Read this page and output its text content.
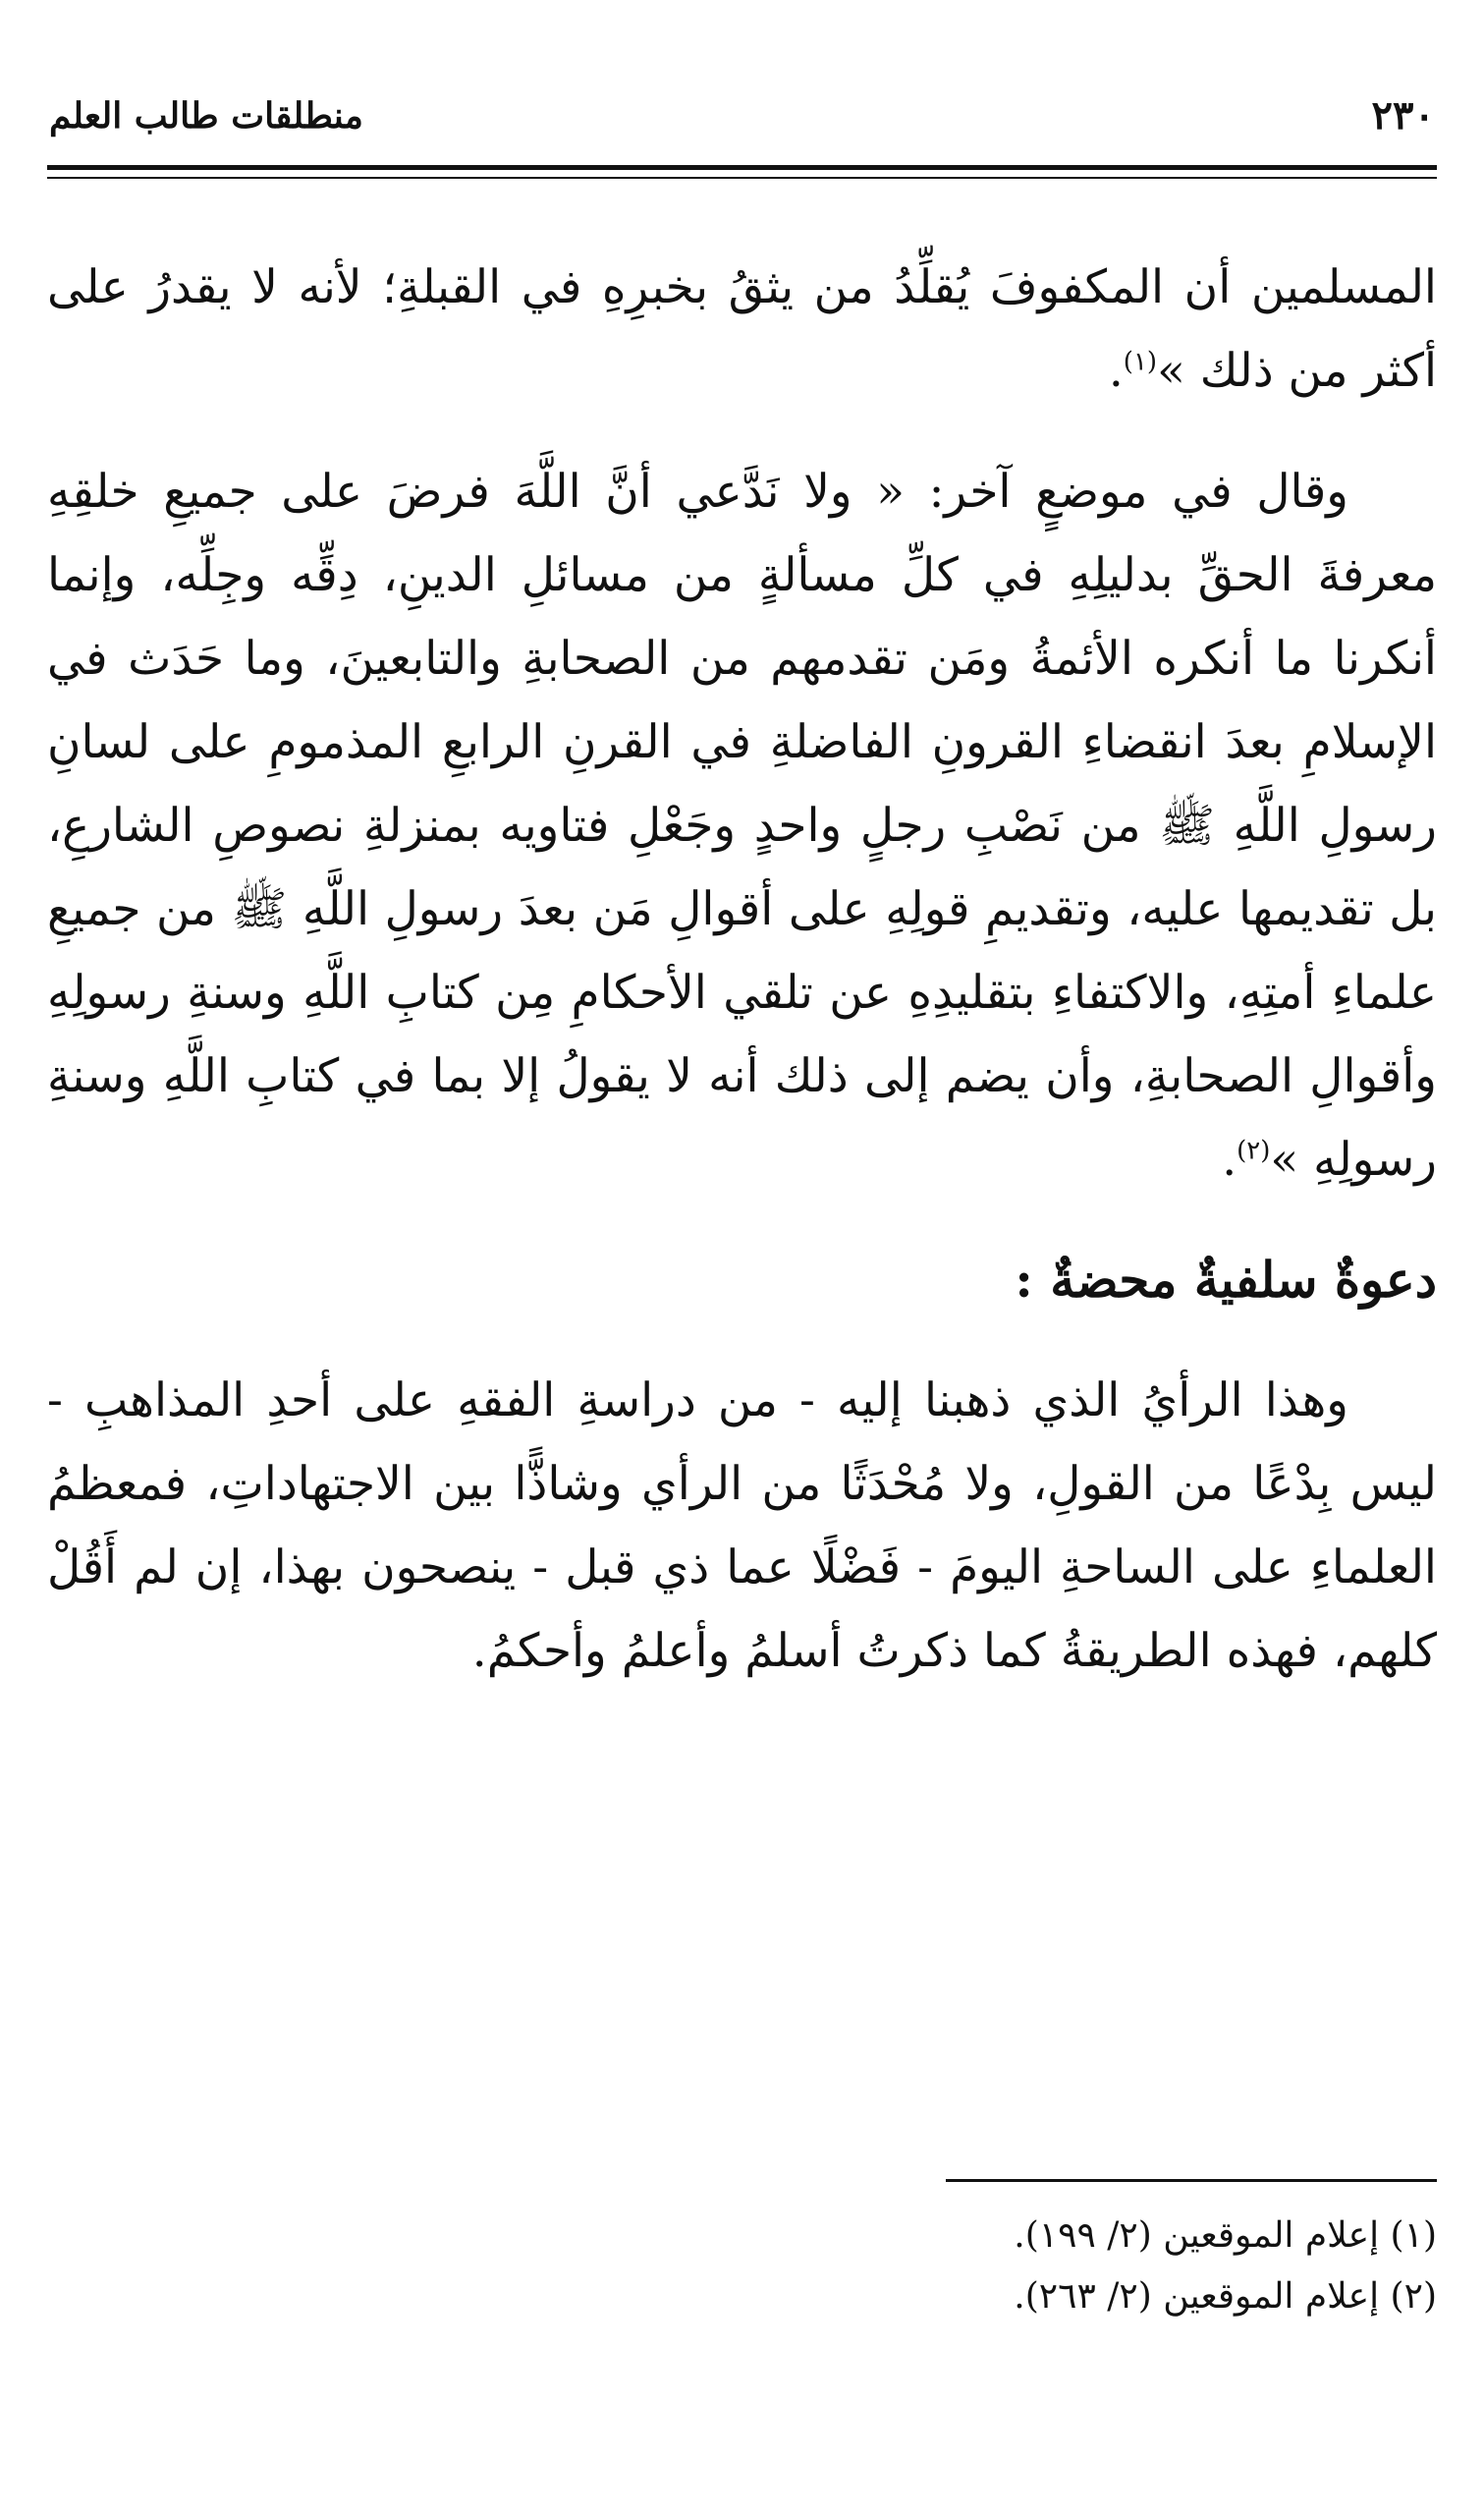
٢٣٠
منطلقات طالب العلم

المسلمين أن المكفوفَ يُقلِّدُ من يثقُ بخبرِهِ في القبلةِ؛ لأنه لا يقدرُ على أكثر من ذلك »$^{(١)}$.

وقال في موضعٍ آخر: « ولا نَدَّعي أنَّ اللَّهَ فرضَ على جميعِ خلقِهِ معرفةَ الحقِّ بدليلِهِ في كلِّ مسألةٍ من مسائلِ الدينِ، دِقِّه وجِلِّه، وإنما أنكرنا ما أنكره الأئمةُ ومَن تقدمهم من الصحابةِ والتابعينَ، وما حَدَث في الإسلامِ بعدَ انقضاءِ القرونِ الفاضلةِ في القرنِ الرابعِ المذمومِ على لسانِ رسولِ اللَّهِ ﷺ من نَصْبِ رجلٍ واحدٍ وجَعْلِ فتاويه بمنزلةِ نصوصِ الشارعِ، بل تقديمها عليه، وتقديمِ قولِهِ على أقوالِ مَن بعدَ رسولِ اللَّهِ ﷺ من جميعِ علماءِ أمتِهِ، والاكتفاءِ بتقليدِهِ عن تلقي الأحكامِ مِن كتابِ اللَّهِ وسنةِ رسولِهِ وأقوالِ الصحابةِ، وأن يضم إلى ذلك أنه لا يقولُ إلا بما في كتابِ اللَّهِ وسنةِ رسولِهِ »$^{(٢)}$.

دعوةٌ سلفيةٌ محضةٌ :

وهذا الرأيُ الذي ذهبنا إليه - من دراسةِ الفقهِ على أحدِ المذاهبِ - ليس بِدْعًا من القولِ، ولا مُحْدَثًا من الرأي وشاذًّا بين الاجتهاداتِ، فمعظمُ العلماءِ على الساحةِ اليومَ - فَضْلًا عما ذي قبل - ينصحون بهذا، إن لم أَقُلْ كلهم، فهذه الطريقةُ كما ذكرتُ أسلمُ وأعلمُ وأحكمُ.

(١) إعلام الموقعين (٢/ ١٩٩).

(٢) إعلام الموقعين (٢/ ٢٦٣).
